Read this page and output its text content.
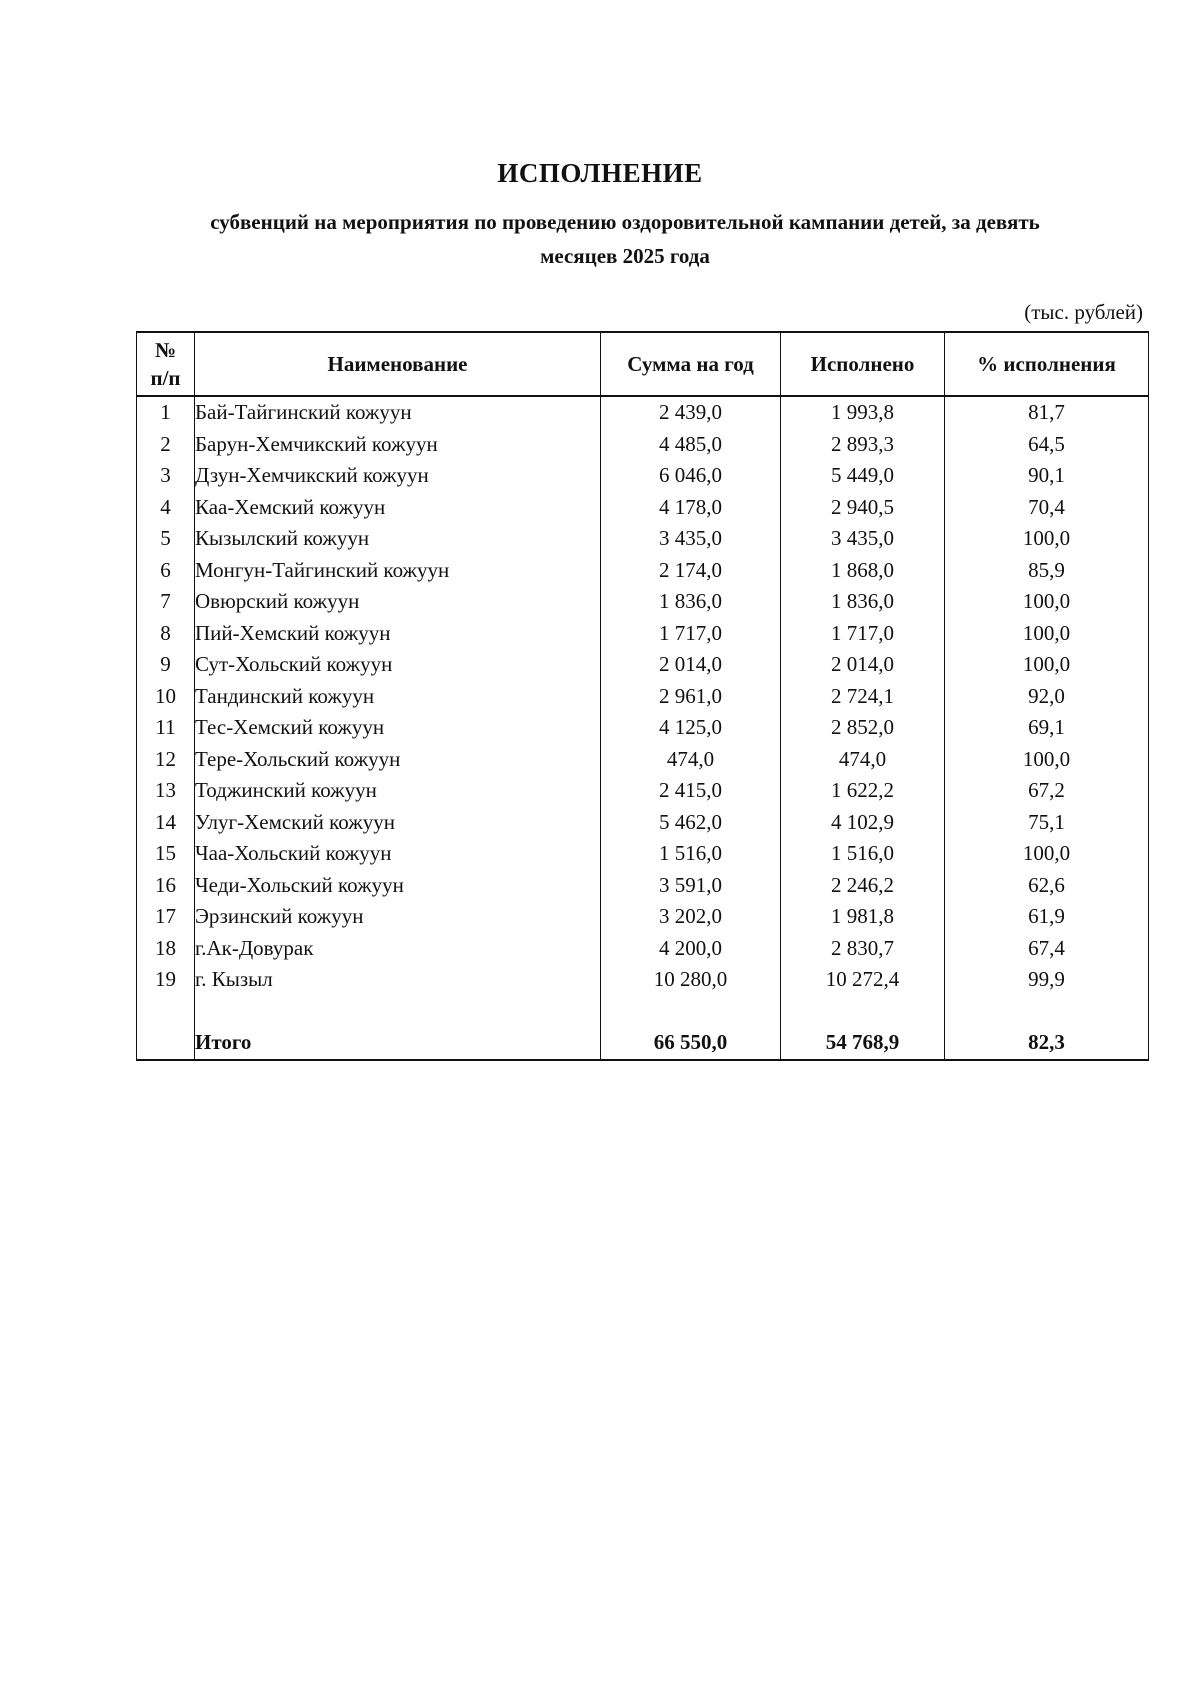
ИСПОЛНЕНИЕ
субвенций на мероприятия по проведению оздоровительной кампании детей, за девять
месяцев 2025 года
(тыс. рублей)
№
п/п	Наименование	Сумма на год	Исполнено	% исполнения
1	Бай-Тайгинский кожуун	2 439,0	1 993,8	81,7
2	Барун-Хемчикский кожуун	4 485,0	2 893,3	64,5
3	Дзун-Хемчикский кожуун	6 046,0	5 449,0	90,1
4	Каа-Хемский кожуун	4 178,0	2 940,5	70,4
5	Кызылский кожуун	3 435,0	3 435,0	100,0
6	Монгун-Тайгинский кожуун	2 174,0	1 868,0	85,9
7	Овюрский кожуун	1 836,0	1 836,0	100,0
8	Пий-Хемский кожуун	1 717,0	1 717,0	100,0
9	Сут-Хольский кожуун	2 014,0	2 014,0	100,0
10	Тандинский кожуун	2 961,0	2 724,1	92,0
11	Тес-Хемский кожуун	4 125,0	2 852,0	69,1
12	Тере-Хольский кожуун	474,0	474,0	100,0
13	Тоджинский кожуун	2 415,0	1 622,2	67,2
14	Улуг-Хемский кожуун	5 462,0	4 102,9	75,1
15	Чаа-Хольский кожуун	1 516,0	1 516,0	100,0
16	Чеди-Хольский кожуун	3 591,0	2 246,2	62,6
17	Эрзинский кожуун	3 202,0	1 981,8	61,9
18	г.Ак-Довурак	4 200,0	2 830,7	67,4
19	г. Кызыл	10 280,0	10 272,4	99,9

	Итого	66 550,0	54 768,9	82,3
